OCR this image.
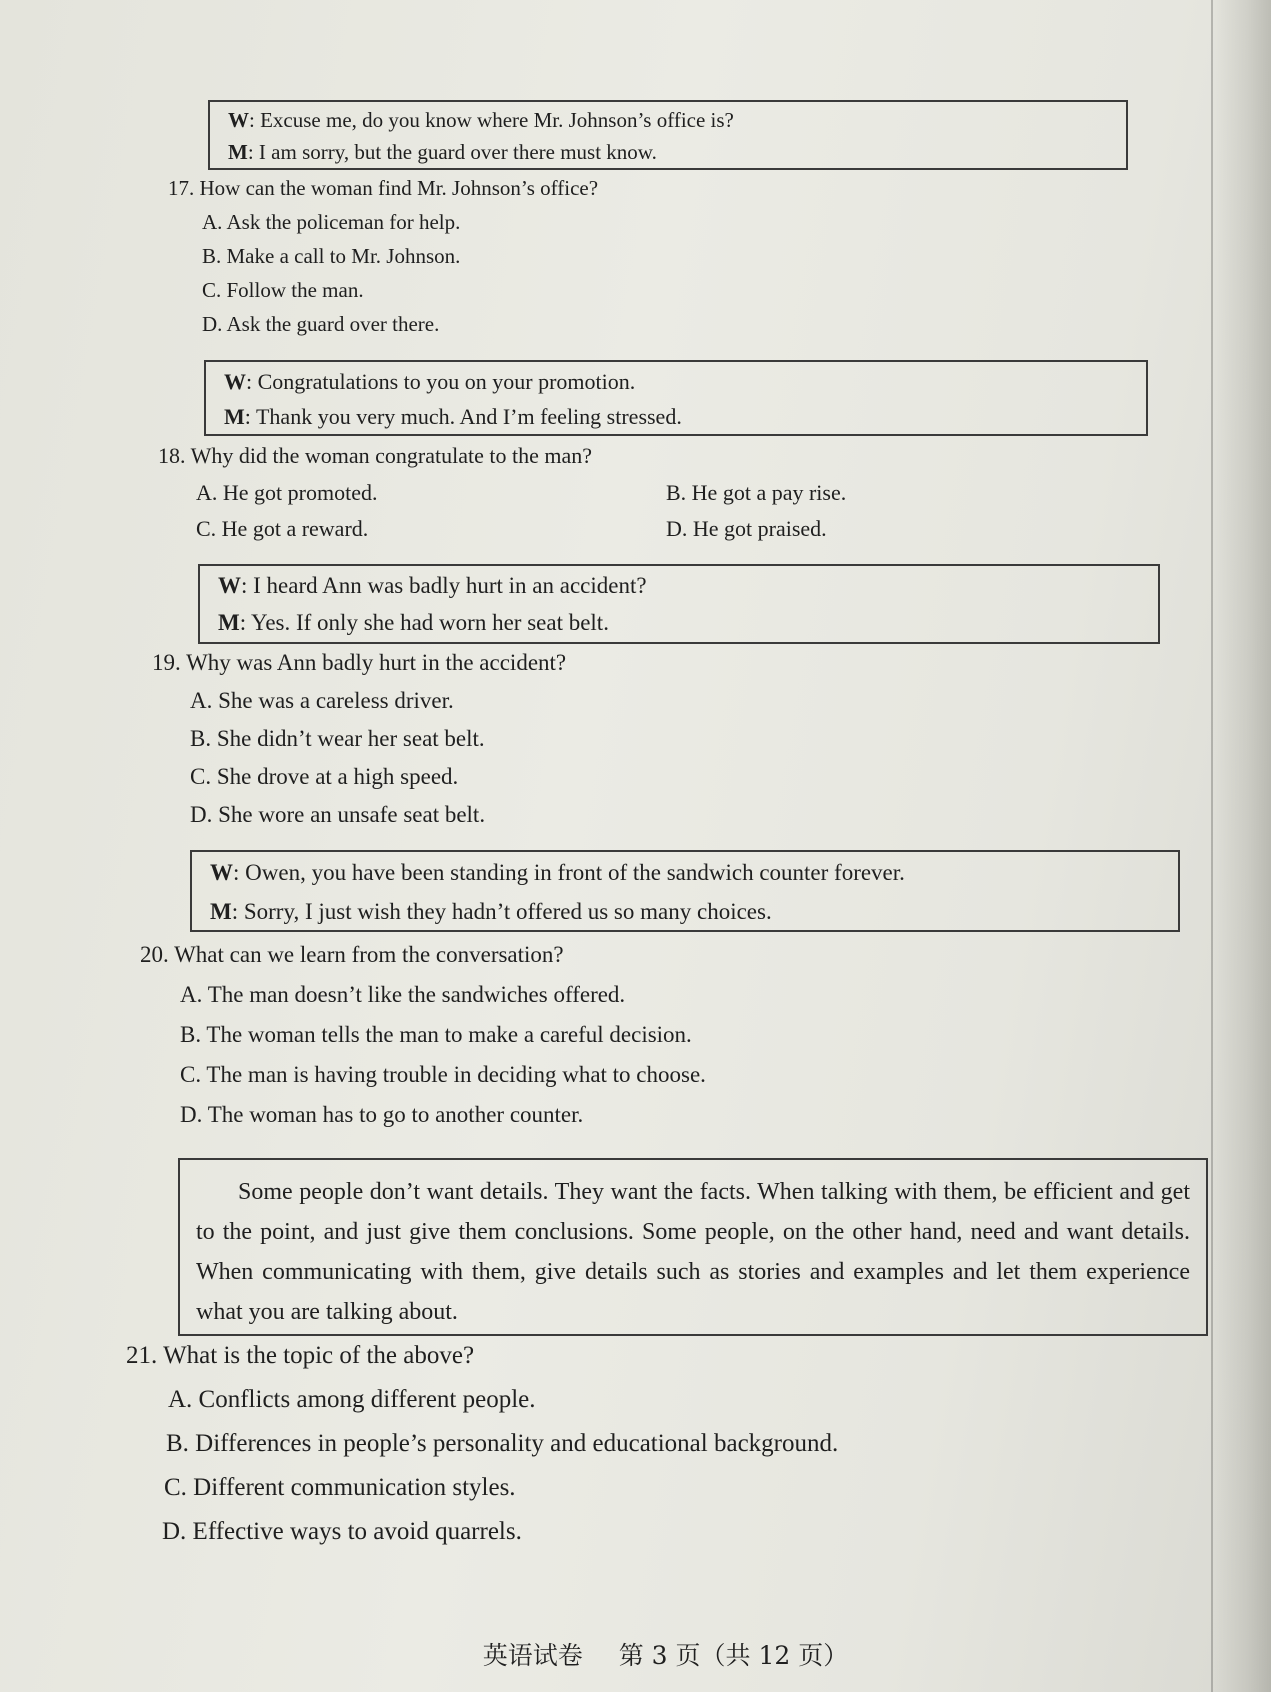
W: Excuse me, do you know where Mr. Johnson’s office is?
M: I am sorry, but the guard over there must know.
17. How can the woman find Mr. Johnson’s office?
A. Ask the policeman for help.
B. Make a call to Mr. Johnson.
C. Follow the man.
D. Ask the guard over there.
W: Congratulations to you on your promotion.
M: Thank you very much. And I’m feeling stressed.
18. Why did the woman congratulate to the man?
A. He got promoted.	B. He got a pay rise.
C. He got a reward.	D. He got praised.
W: I heard Ann was badly hurt in an accident?
M: Yes. If only she had worn her seat belt.
19. Why was Ann badly hurt in the accident?
A. She was a careless driver.
B. She didn’t wear her seat belt.
C. She drove at a high speed.
D. She wore an unsafe seat belt.
W: Owen, you have been standing in front of the sandwich counter forever.
M: Sorry, I just wish they hadn’t offered us so many choices.
20. What can we learn from the conversation?
A. The man doesn’t like the sandwiches offered.
B. The woman tells the man to make a careful decision.
C. The man is having trouble in deciding what to choose.
D. The woman has to go to another counter.
Some people don’t want details. They want the facts. When talking with them, be efficient and get to the point, and just give them conclusions. Some people, on the other hand, need and want details. When communicating with them, give details such as stories and examples and let them experience what you are talking about.
21. What is the topic of the above?
A. Conflicts among different people.
B. Differences in people’s personality and educational background.
C. Different communication styles.
D. Effective ways to avoid quarrels.
英语试卷 第 3 页（共 12 页）
